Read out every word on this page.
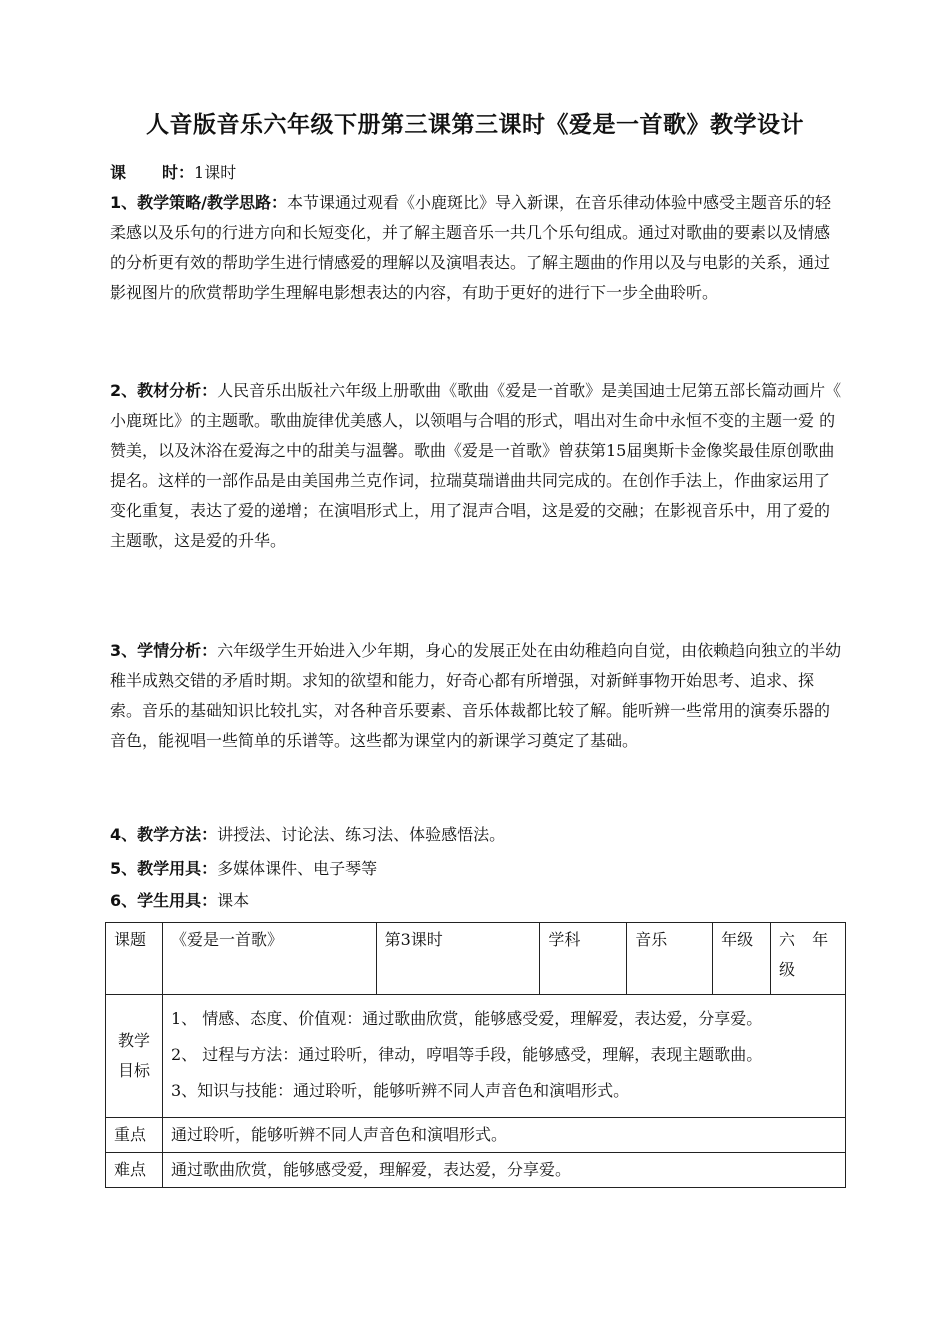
人音版音乐六年级下册第三课第三课时《爱是一首歌》教学设计
课 时：1课时
1、教学策略/教学思路：本节课通过观看《小鹿斑比》导入新课，在音乐律动体验中感受主题音乐的轻柔感以及乐句的行进方向和长短变化，并了解主题音乐一共几个乐句组成。通过对歌曲的要素以及情感的分析更有效的帮助学生进行情感爱的理解以及演唱表达。了解主题曲的作用以及与电影的关系，通过影视图片的欣赏帮助学生理解电影想表达的内容，有助于更好的进行下一步全曲聆听。
2、教材分析：人民音乐出版社六年级上册歌曲《歌曲《爱是一首歌》是美国迪士尼第五部长篇动画片《 小鹿斑比》的主题歌。歌曲旋律优美感人，以领唱与合唱的形式，唱出对生命中永恒不变的主题一爱 的赞美，以及沐浴在爱海之中的甜美与温馨。歌曲《爱是一首歌》曾获第15届奥斯卡金像奖最佳原创歌曲提名。这样的一部作品是由美国弗兰克作词，拉瑞莫瑞谱曲共同完成的。在创作手法上，作曲家运用了变化重复，表达了爱的递增；在演唱形式上，用了混声合唱，这是爱的交融；在影视音乐中，用了爱的主题歌，这是爱的升华。
3、学情分析：六年级学生开始进入少年期，身心的发展正处在由幼稚趋向自觉，由依赖趋向独立的半幼稚半成熟交错的矛盾时期。求知的欲望和能力，好奇心都有所增强，对新鲜事物开始思考、追求、探索。音乐的基础知识比较扎实，对各种音乐要素、音乐体裁都比较了解。能听辨一些常用的演奏乐器的音色，能视唱一些简单的乐谱等。这些都为课堂内的新课学习奠定了基础。
4、教学方法：讲授法、讨论法、练习法、体验感悟法。
5、教学用具：多媒体课件、电子琴等
6、学生用具：课本
课题	《爱是一首歌》	第3课时	学科	音乐	年级	六 年级
教学目标	1、 情感、态度、价值观：通过歌曲欣赏，能够感受爱，理解爱，表达爱，分享爱。
2、 过程与方法：通过聆听，律动，哼唱等手段，能够感受，理解，表现主题歌曲。
3、知识与技能：通过聆听，能够听辨不同人声音色和演唱形式。					

重点	通过聆听，能够听辨不同人声音色和演唱形式。					
难点	通过歌曲欣赏，能够感受爱，理解爱，表达爱，分享爱。					
